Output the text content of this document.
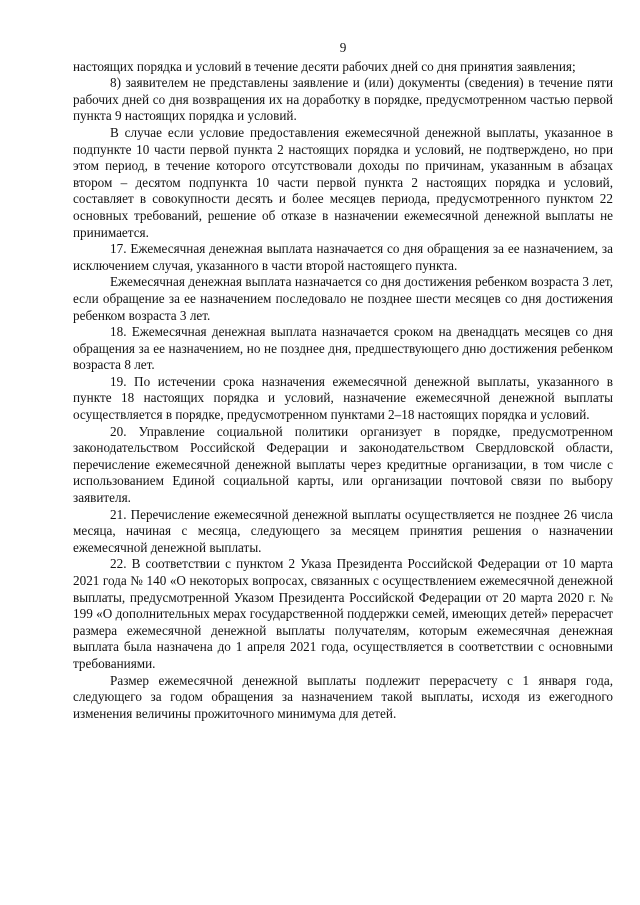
9

настоящих порядка и условий в течение десяти рабочих дней со дня принятия заявления;

8) заявителем не представлены заявление и (или) документы (сведения) в течение пяти рабочих дней со дня возвращения их на доработку в порядке, предусмотренном частью первой пункта 9 настоящих порядка и условий.

В случае если условие предоставления ежемесячной денежной выплаты, указанное в подпункте 10 части первой пункта 2 настоящих порядка и условий, не подтверждено, но при этом период, в течение которого отсутствовали доходы по причинам, указанным в абзацах втором – десятом подпункта 10 части первой пункта 2 настоящих порядка и условий, составляет в совокупности десять и более месяцев периода, предусмотренного пунктом 22 основных требований, решение об отказе в назначении ежемесячной денежной выплаты не принимается.

17. Ежемесячная денежная выплата назначается со дня обращения за ее назначением, за исключением случая, указанного в части второй настоящего пункта.

Ежемесячная денежная выплата назначается со дня достижения ребенком возраста 3 лет, если обращение за ее назначением последовало не позднее шести месяцев со дня достижения ребенком возраста 3 лет.

18. Ежемесячная денежная выплата назначается сроком на двенадцать месяцев со дня обращения за ее назначением, но не позднее дня, предшествующего дню достижения ребенком возраста 8 лет.

19. По истечении срока назначения ежемесячной денежной выплаты, указанного в пункте 18 настоящих порядка и условий, назначение ежемесячной денежной выплаты осуществляется в порядке, предусмотренном пунктами 2–18 настоящих порядка и условий.

20. Управление социальной политики организует в порядке, предусмотренном законодательством Российской Федерации и законодательством Свердловской области, перечисление ежемесячной денежной выплаты через кредитные организации, в том числе с использованием Единой социальной карты, или организации почтовой связи по выбору заявителя.

21. Перечисление ежемесячной денежной выплаты осуществляется не позднее 26 числа месяца, начиная с месяца, следующего за месяцем принятия решения о назначении ежемесячной денежной выплаты.

22. В соответствии с пунктом 2 Указа Президента Российской Федерации от 10 марта 2021 года № 140 «О некоторых вопросах, связанных с осуществлением ежемесячной денежной выплаты, предусмотренной Указом Президента Российской Федерации от 20 марта 2020 г. № 199 «О дополнительных мерах государственной поддержки семей, имеющих детей» перерасчет размера ежемесячной денежной выплаты получателям, которым ежемесячная денежная выплата была назначена до 1 апреля 2021 года, осуществляется в соответствии с основными требованиями.

Размер ежемесячной денежной выплаты подлежит перерасчету с 1 января года, следующего за годом обращения за назначением такой выплаты, исходя из ежегодного изменения величины прожиточного минимума для детей.
